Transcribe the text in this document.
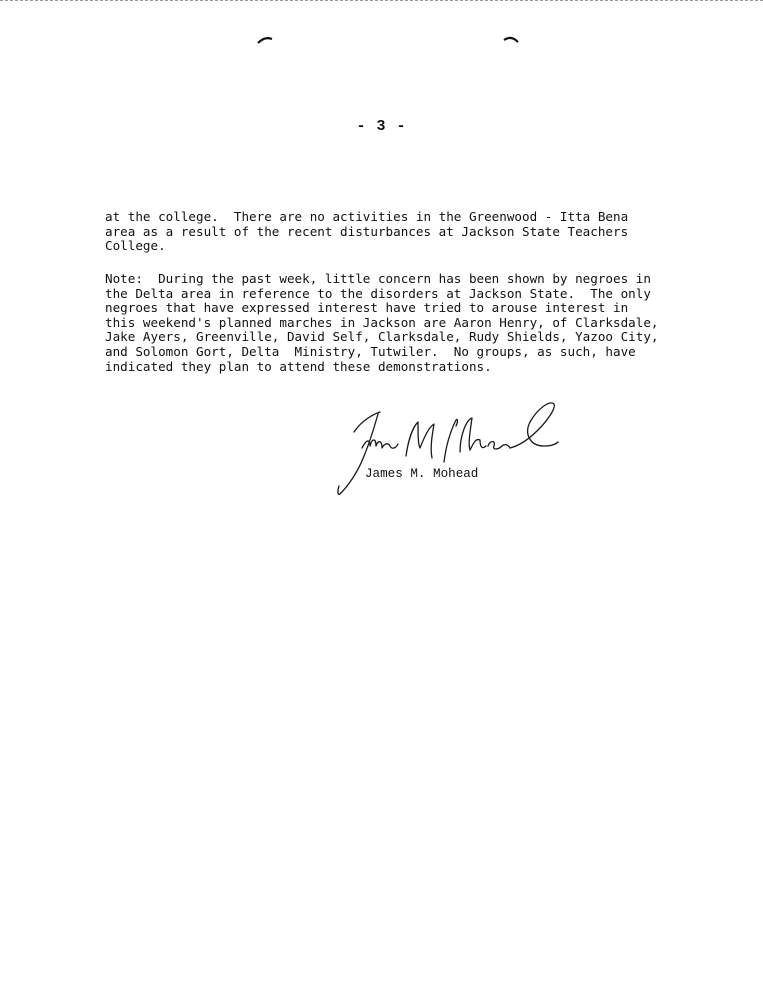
- 3 -
at the college.  There are no activities in the Greenwood - Itta Bena
area as a result of the recent disturbances at Jackson State Teachers
College.
Note:  During the past week, little concern has been shown by negroes in
the Delta area in reference to the disorders at Jackson State.  The only
negroes that have expressed interest have tried to arouse interest in
this weekend's planned marches in Jackson are Aaron Henry, of Clarksdale,
Jake Ayers, Greenville, David Self, Clarksdale, Rudy Shields, Yazoo City,
and Solomon Gort, Delta  Ministry, Tutwiler.  No groups, as such, have
indicated they plan to attend these demonstrations.
James M. Mohead
